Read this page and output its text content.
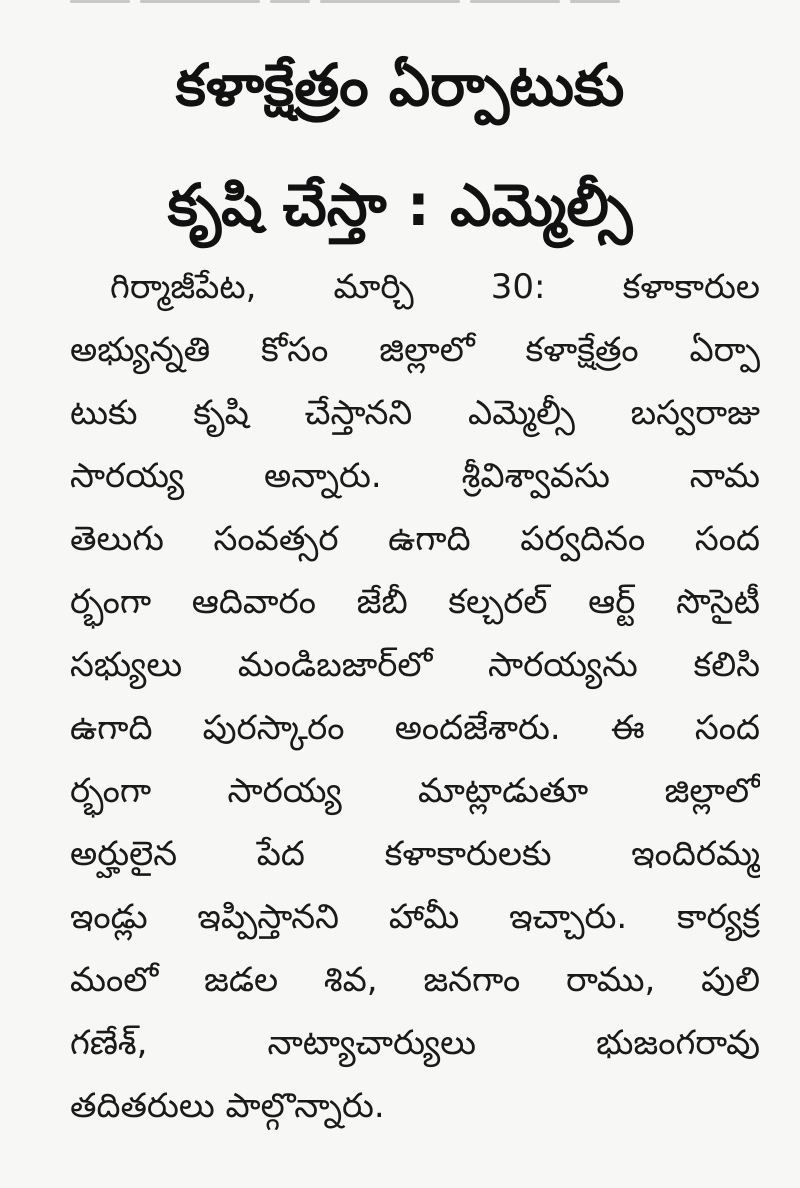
కళాక్షేత్రం ఏర్పాటుకు
కృషి చేస్తా : ఎమ్మెల్సీ
గిర్మాజీపేట, మార్చి 30: కళాకారుల
అభ్యున్నతి కోసం జిల్లాలో కళాక్షేత్రం ఏర్పా
టుకు కృషి చేస్తానని ఎమ్మెల్సీ బస్వరాజు
సారయ్య అన్నారు. శ్రీవిశ్వావసు నామ
తెలుగు సంవత్సర ఉగాది పర్వదినం సంద
ర్భంగా ఆదివారం జేబీ కల్చరల్ ఆర్ట్ సొసైటీ
సభ్యులు మండిబజార్‌లో సారయ్యను కలిసి
ఉగాది పురస్కారం అందజేశారు. ఈ సంద
ర్భంగా సారయ్య మాట్లాడుతూ జిల్లాలో
అర్హులైన పేద కళాకారులకు ఇందిరమ్మ
ఇండ్లు ఇప్పిస్తానని హామీ ఇచ్చారు. కార్యక్ర
మంలో జడల శివ, జనగాం రాము, పులి
గణేశ్, నాట్యాచార్యులు భుజంగరావు
తదితరులు పాల్గొన్నారు.
